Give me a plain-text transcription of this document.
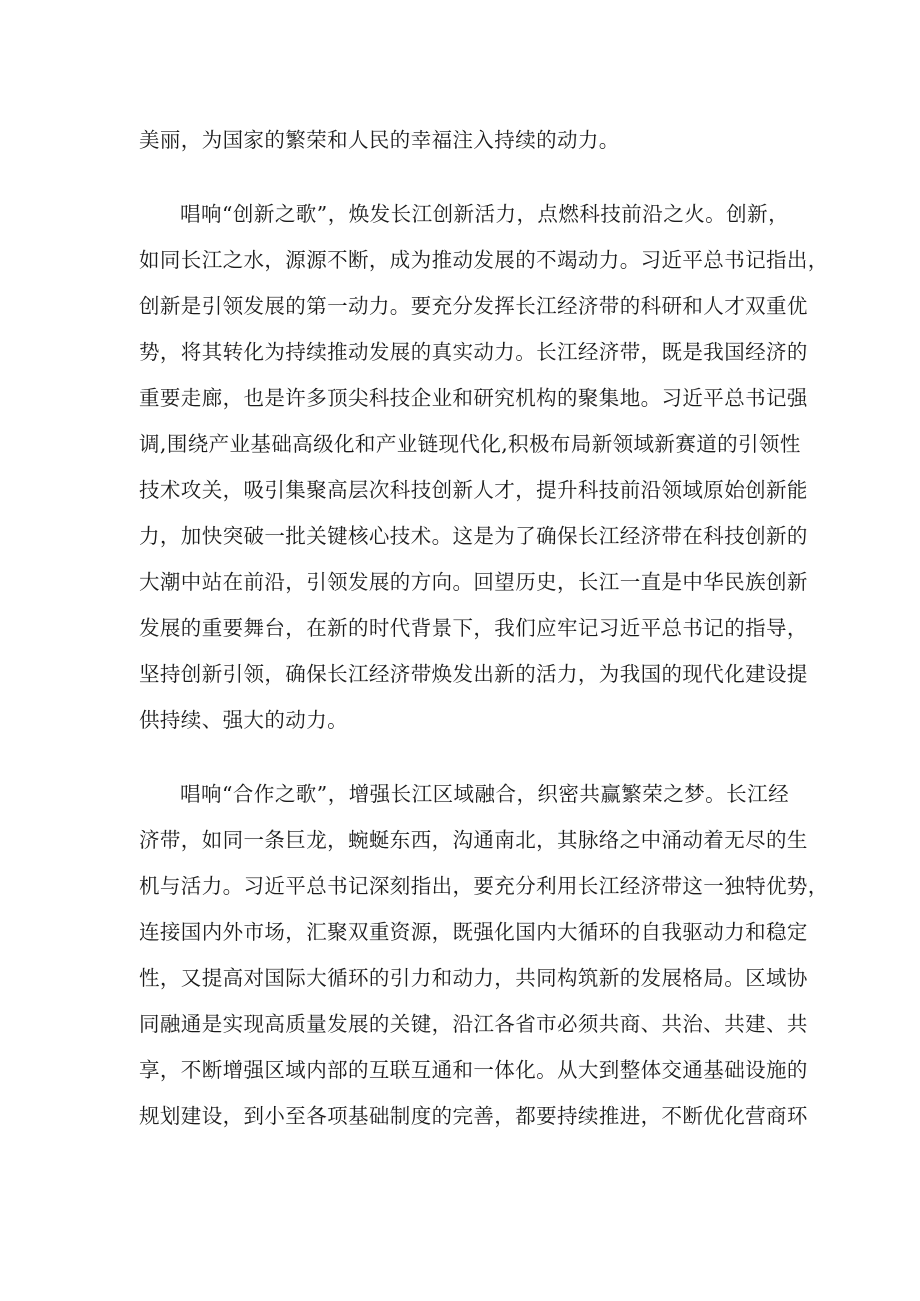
美丽，为国家的繁荣和人民的幸福注入持续的动力。
唱响“创新之歌”，焕发长江创新活力，点燃科技前沿之火。创新，
如同长江之水，源源不断，成为推动发展的不竭动力。习近平总书记指出，
创新是引领发展的第一动力。要充分发挥长江经济带的科研和人才双重优
势，将其转化为持续推动发展的真实动力。长江经济带，既是我国经济的
重要走廊，也是许多顶尖科技企业和研究机构的聚集地。习近平总书记强
调,围绕产业基础高级化和产业链现代化,积极布局新领域新赛道的引领性
技术攻关，吸引集聚高层次科技创新人才，提升科技前沿领域原始创新能
力，加快突破一批关键核心技术。这是为了确保长江经济带在科技创新的
大潮中站在前沿，引领发展的方向。回望历史，长江一直是中华民族创新
发展的重要舞台，在新的时代背景下，我们应牢记习近平总书记的指导，
坚持创新引领，确保长江经济带焕发出新的活力，为我国的现代化建设提
供持续、强大的动力。
唱响“合作之歌”，增强长江区域融合，织密共赢繁荣之梦。长江经
济带，如同一条巨龙，蜿蜒东西，沟通南北，其脉络之中涌动着无尽的生
机与活力。习近平总书记深刻指出，要充分利用长江经济带这一独特优势，
连接国内外市场，汇聚双重资源，既强化国内大循环的自我驱动力和稳定
性，又提高对国际大循环的引力和动力，共同构筑新的发展格局。区域协
同融通是实现高质量发展的关键，沿江各省市必须共商、共治、共建、共
享，不断增强区域内部的互联互通和一体化。从大到整体交通基础设施的
规划建设，到小至各项基础制度的完善，都要持续推进，不断优化营商环
